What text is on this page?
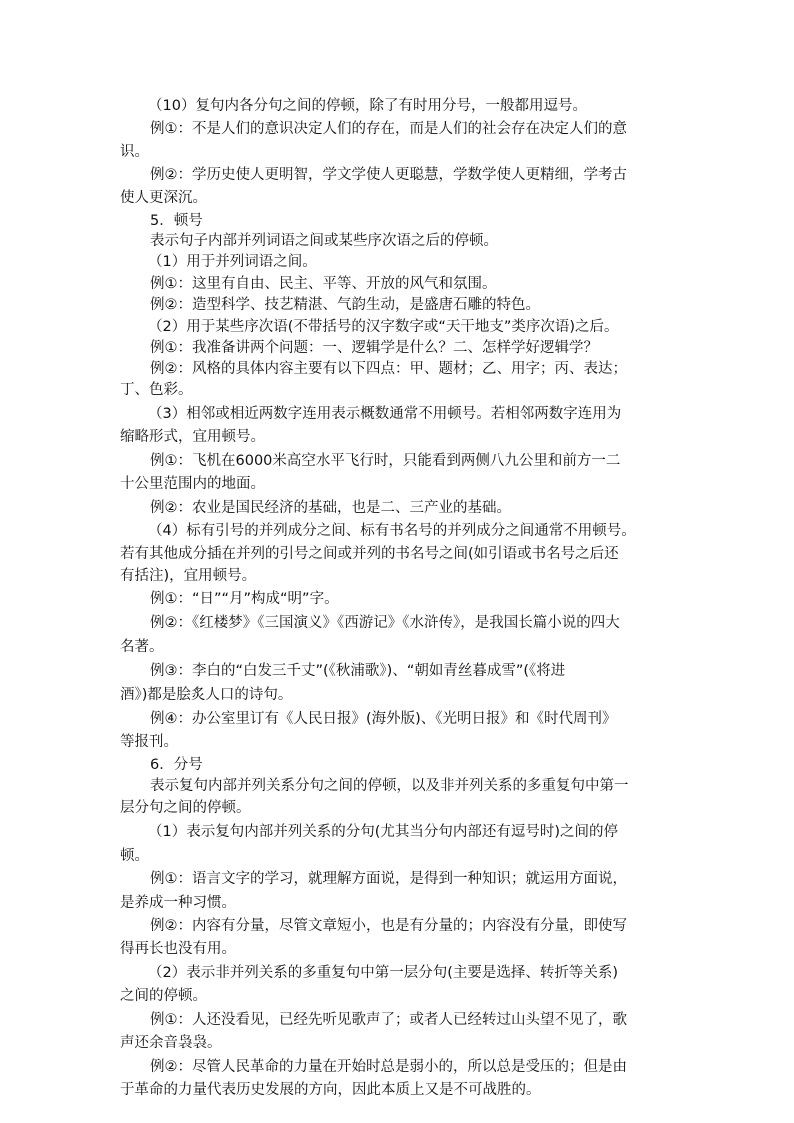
（10）复句内各分句之间的停顿，除了有时用分号，一般都用逗号。
例①：不是人们的意识决定人们的存在，而是人们的社会存在决定人们的意
识。
例②：学历史使人更明智，学文学使人更聪慧，学数学使人更精细，学考古
使人更深沉。
5．顿号
表示句子内部并列词语之间或某些序次语之后的停顿。
（1）用于并列词语之间。
例①：这里有自由、民主、平等、开放的风气和氛围。
例②：造型科学、技艺精湛、气韵生动，是盛唐石雕的特色。
（2）用于某些序次语(不带括号的汉字数字或“天干地支”类序次语)之后。
例①：我准备讲两个问题：一、逻辑学是什么？二、怎样学好逻辑学？
例②：风格的具体内容主要有以下四点：甲、题材；乙、用字；丙、表达；
丁、色彩。
（3）相邻或相近两数字连用表示概数通常不用顿号。若相邻两数字连用为
缩略形式，宜用顿号。
例①：飞机在6000米高空水平飞行时，只能看到两侧八九公里和前方一二
十公里范围内的地面。
例②：农业是国民经济的基础，也是二、三产业的基础。
（4）标有引号的并列成分之间、标有书名号的并列成分之间通常不用顿号。
若有其他成分插在并列的引号之间或并列的书名号之间(如引语或书名号之后还
有括注)，宜用顿号。
例①：“日”“月”构成“明”字。
例②：《红楼梦》《三国演义》《西游记》《水浒传》，是我国长篇小说的四大
名著。
例③：李白的“白发三千丈”(《秋浦歌》)、“朝如青丝暮成雪”(《将进
酒》)都是脍炙人口的诗句。
例④：办公室里订有《人民日报》(海外版)、《光明日报》和《时代周刊》
等报刊。
6．分号
表示复句内部并列关系分句之间的停顿，以及非并列关系的多重复句中第一
层分句之间的停顿。
（1）表示复句内部并列关系的分句(尤其当分句内部还有逗号时)之间的停
顿。
例①：语言文字的学习，就理解方面说，是得到一种知识；就运用方面说，
是养成一种习惯。
例②：内容有分量，尽管文章短小，也是有分量的；内容没有分量，即使写
得再长也没有用。
（2）表示非并列关系的多重复句中第一层分句(主要是选择、转折等关系)
之间的停顿。
例①：人还没看见，已经先听见歌声了；或者人已经转过山头望不见了，歌
声还余音袅袅。
例②：尽管人民革命的力量在开始时总是弱小的，所以总是受压的；但是由
于革命的力量代表历史发展的方向，因此本质上又是不可战胜的。
